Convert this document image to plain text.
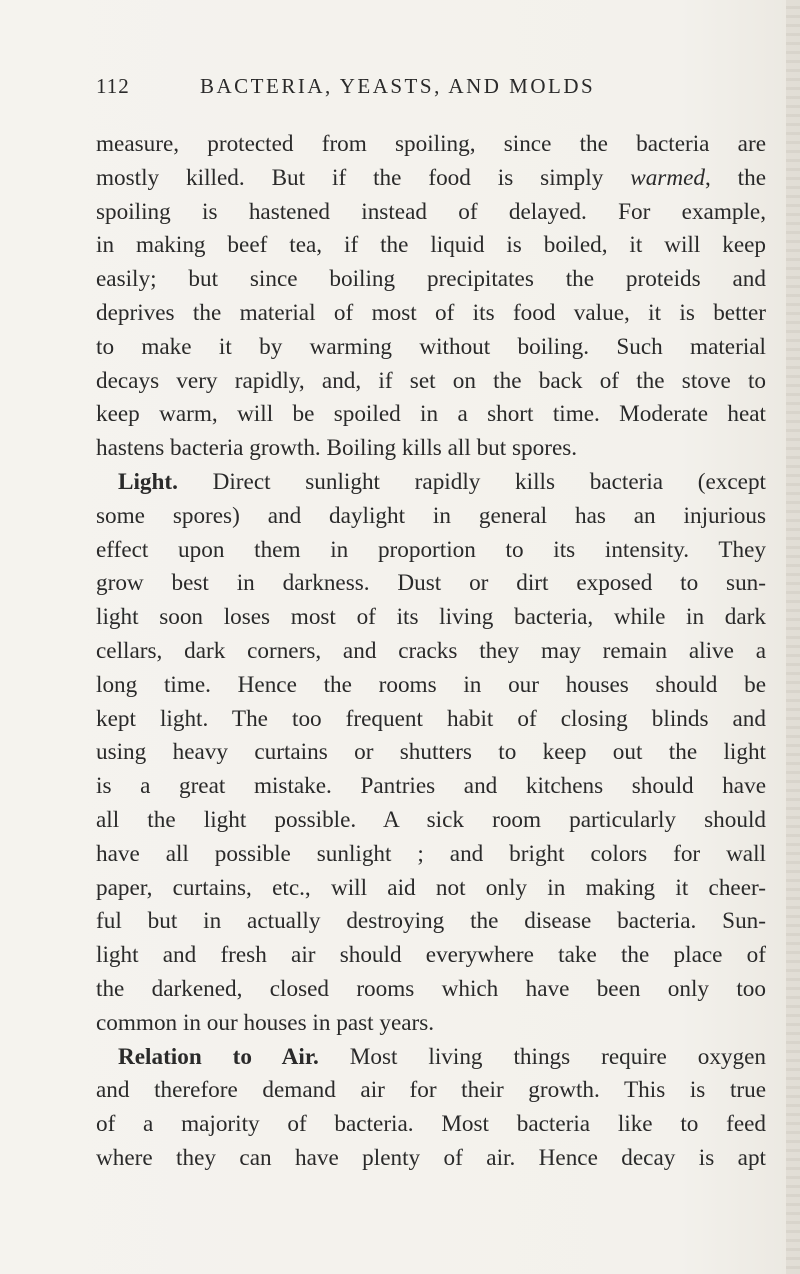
112	BACTERIA, YEASTS, AND MOLDS
measure, protected from spoiling, since the bacteria are
mostly killed. But if the food is simply warmed, the
spoiling is hastened instead of delayed. For example,
in making beef tea, if the liquid is boiled, it will keep
easily; but since boiling precipitates the proteids and
deprives the material of most of its food value, it is better
to make it by warming without boiling. Such material
decays very rapidly, and, if set on the back of the stove to
keep warm, will be spoiled in a short time. Moderate heat
hastens bacteria growth. Boiling kills all but spores.
Light. Direct sunlight rapidly kills bacteria (except
some spores) and daylight in general has an injurious
effect upon them in proportion to its intensity. They
grow best in darkness. Dust or dirt exposed to sun-
light soon loses most of its living bacteria, while in dark
cellars, dark corners, and cracks they may remain alive a
long time. Hence the rooms in our houses should be
kept light. The too frequent habit of closing blinds and
using heavy curtains or shutters to keep out the light
is a great mistake. Pantries and kitchens should have
all the light possible. A sick room particularly should
have all possible sunlight ; and bright colors for wall
paper, curtains, etc., will aid not only in making it cheer-
ful but in actually destroying the disease bacteria. Sun-
light and fresh air should everywhere take the place of
the darkened, closed rooms which have been only too
common in our houses in past years.
Relation to Air. Most living things require oxygen
and therefore demand air for their growth. This is true
of a majority of bacteria. Most bacteria like to feed
where they can have plenty of air. Hence decay is apt
